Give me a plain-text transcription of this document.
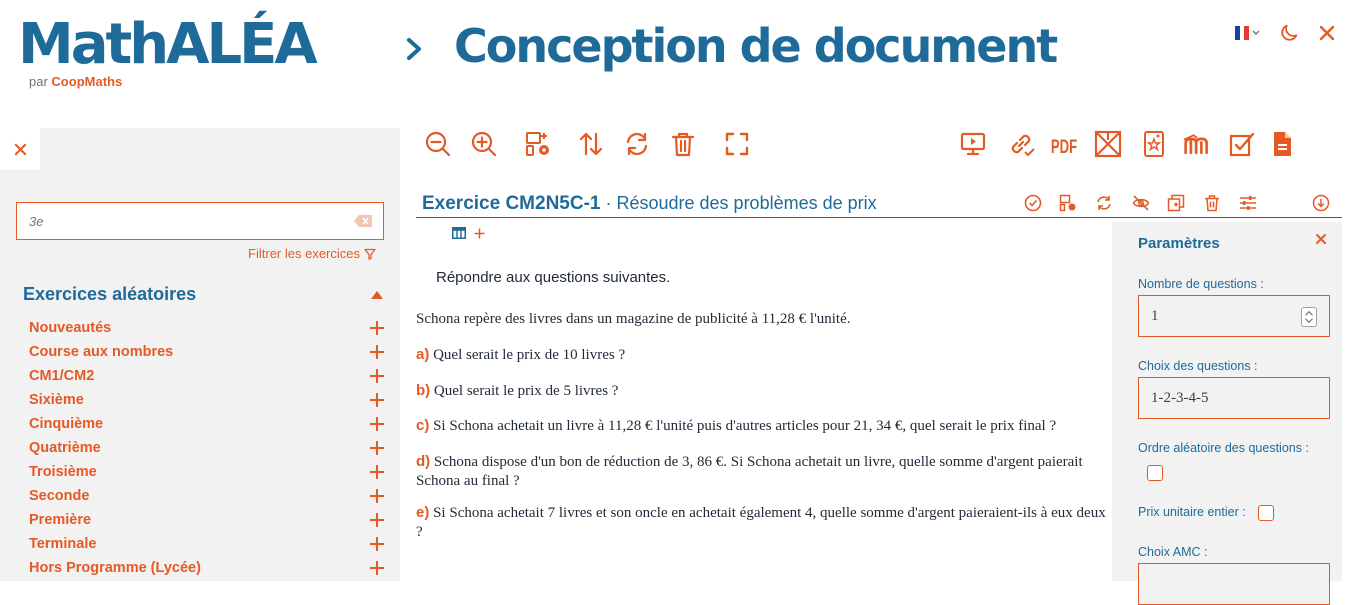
MathALÉA
par CoopMaths
Conception de document
3e
Filtrer les exercices
Exercices aléatoires
Nouveautés
Course aux nombres
CM1/CM2
Sixième
Cinquième
Quatrième
Troisième
Seconde
Première
Terminale
Hors Programme (Lycée)
PDF
Exercice CM2N5C-1 · Résoudre des problèmes de prix
Répondre aux questions suivantes.
Schona repère des livres dans un magazine de publicité à 11,28 € l'unité.
a) Quel serait le prix de 10 livres ?
b) Quel serait le prix de 5 livres ?
c) Si Schona achetait un livre à 11,28 € l'unité puis d'autres articles pour 21, 34 €, quel serait le prix final ?
d) Schona dispose d'un bon de réduction de 3, 86 €. Si Schona achetait un livre, quelle somme d'argent paierait Schona au final ?
e) Si Schona achetait 7 livres et son oncle en achetait également 4, quelle somme d'argent paieraient-ils à eux deux ?
Paramètres
Nombre de questions :
1
Choix des questions :
1-2-3-4-5
Ordre aléatoire des questions :
Prix unitaire entier :
Choix AMC :
